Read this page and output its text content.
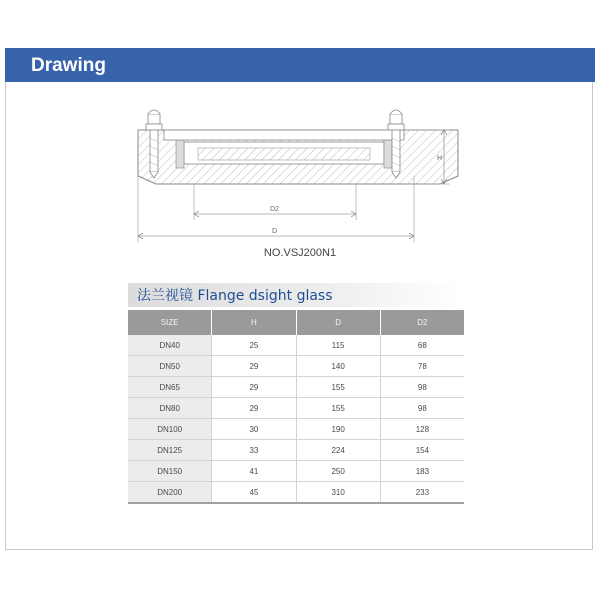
Drawing
H
D2
D
NO.VSJ200N1
法兰视镜 Flange dsight glass
SIZE	H	D	D2
DN40	25	115	68
DN50	29	140	78
DN65	29	155	98
DN80	29	155	98
DN100	30	190	128
DN125	33	224	154
DN150	41	250	183
DN200	45	310	233
